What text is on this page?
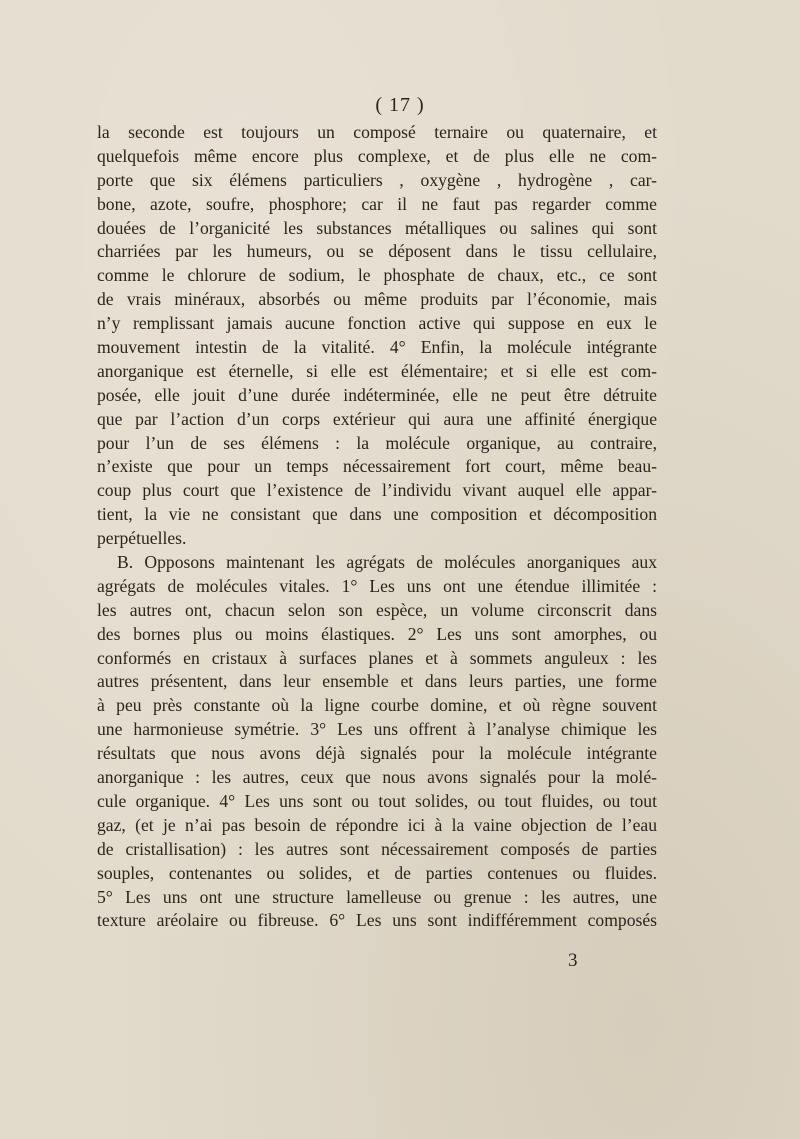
( 17 )
la seconde est toujours un composé ternaire ou quaternaire, et
quelquefois même encore plus complexe, et de plus elle ne com-
porte que six élémens particuliers , oxygène , hydrogène , car-
bone, azote, soufre, phosphore; car il ne faut pas regarder comme
douées de l’organicité les substances métalliques ou salines qui sont
charriées par les humeurs, ou se déposent dans le tissu cellulaire,
comme le chlorure de sodium, le phosphate de chaux, etc., ce sont
de vrais minéraux, absorbés ou même produits par l’économie, mais
n’y remplissant jamais aucune fonction active qui suppose en eux le
mouvement intestin de la vitalité. 4° Enfin, la molécule intégrante
anorganique est éternelle, si elle est élémentaire; et si elle est com-
posée, elle jouit d’une durée indéterminée, elle ne peut être détruite
que par l’action d’un corps extérieur qui aura une affinité énergique
pour l’un de ses élémens : la molécule organique, au contraire,
n’existe que pour un temps nécessairement fort court, même beau-
coup plus court que l’existence de l’individu vivant auquel elle appar-
tient, la vie ne consistant que dans une composition et décomposition
perpétuelles.
B. Opposons maintenant les agrégats de molécules anorganiques aux
agrégats de molécules vitales. 1° Les uns ont une étendue illimitée :
les autres ont, chacun selon son espèce, un volume circonscrit dans
des bornes plus ou moins élastiques. 2° Les uns sont amorphes, ou
conformés en cristaux à surfaces planes et à sommets anguleux : les
autres présentent, dans leur ensemble et dans leurs parties, une forme
à peu près constante où la ligne courbe domine, et où règne souvent
une harmonieuse symétrie. 3° Les uns offrent à l’analyse chimique les
résultats que nous avons déjà signalés pour la molécule intégrante
anorganique : les autres, ceux que nous avons signalés pour la molé-
cule organique. 4° Les uns sont ou tout solides, ou tout fluides, ou tout
gaz, (et je n’ai pas besoin de répondre ici à la vaine objection de l’eau
de cristallisation) : les autres sont nécessairement composés de parties
souples, contenantes ou solides, et de parties contenues ou fluides.
5° Les uns ont une structure lamelleuse ou grenue : les autres, une
texture aréolaire ou fibreuse. 6° Les uns sont indifféremment composés
3
